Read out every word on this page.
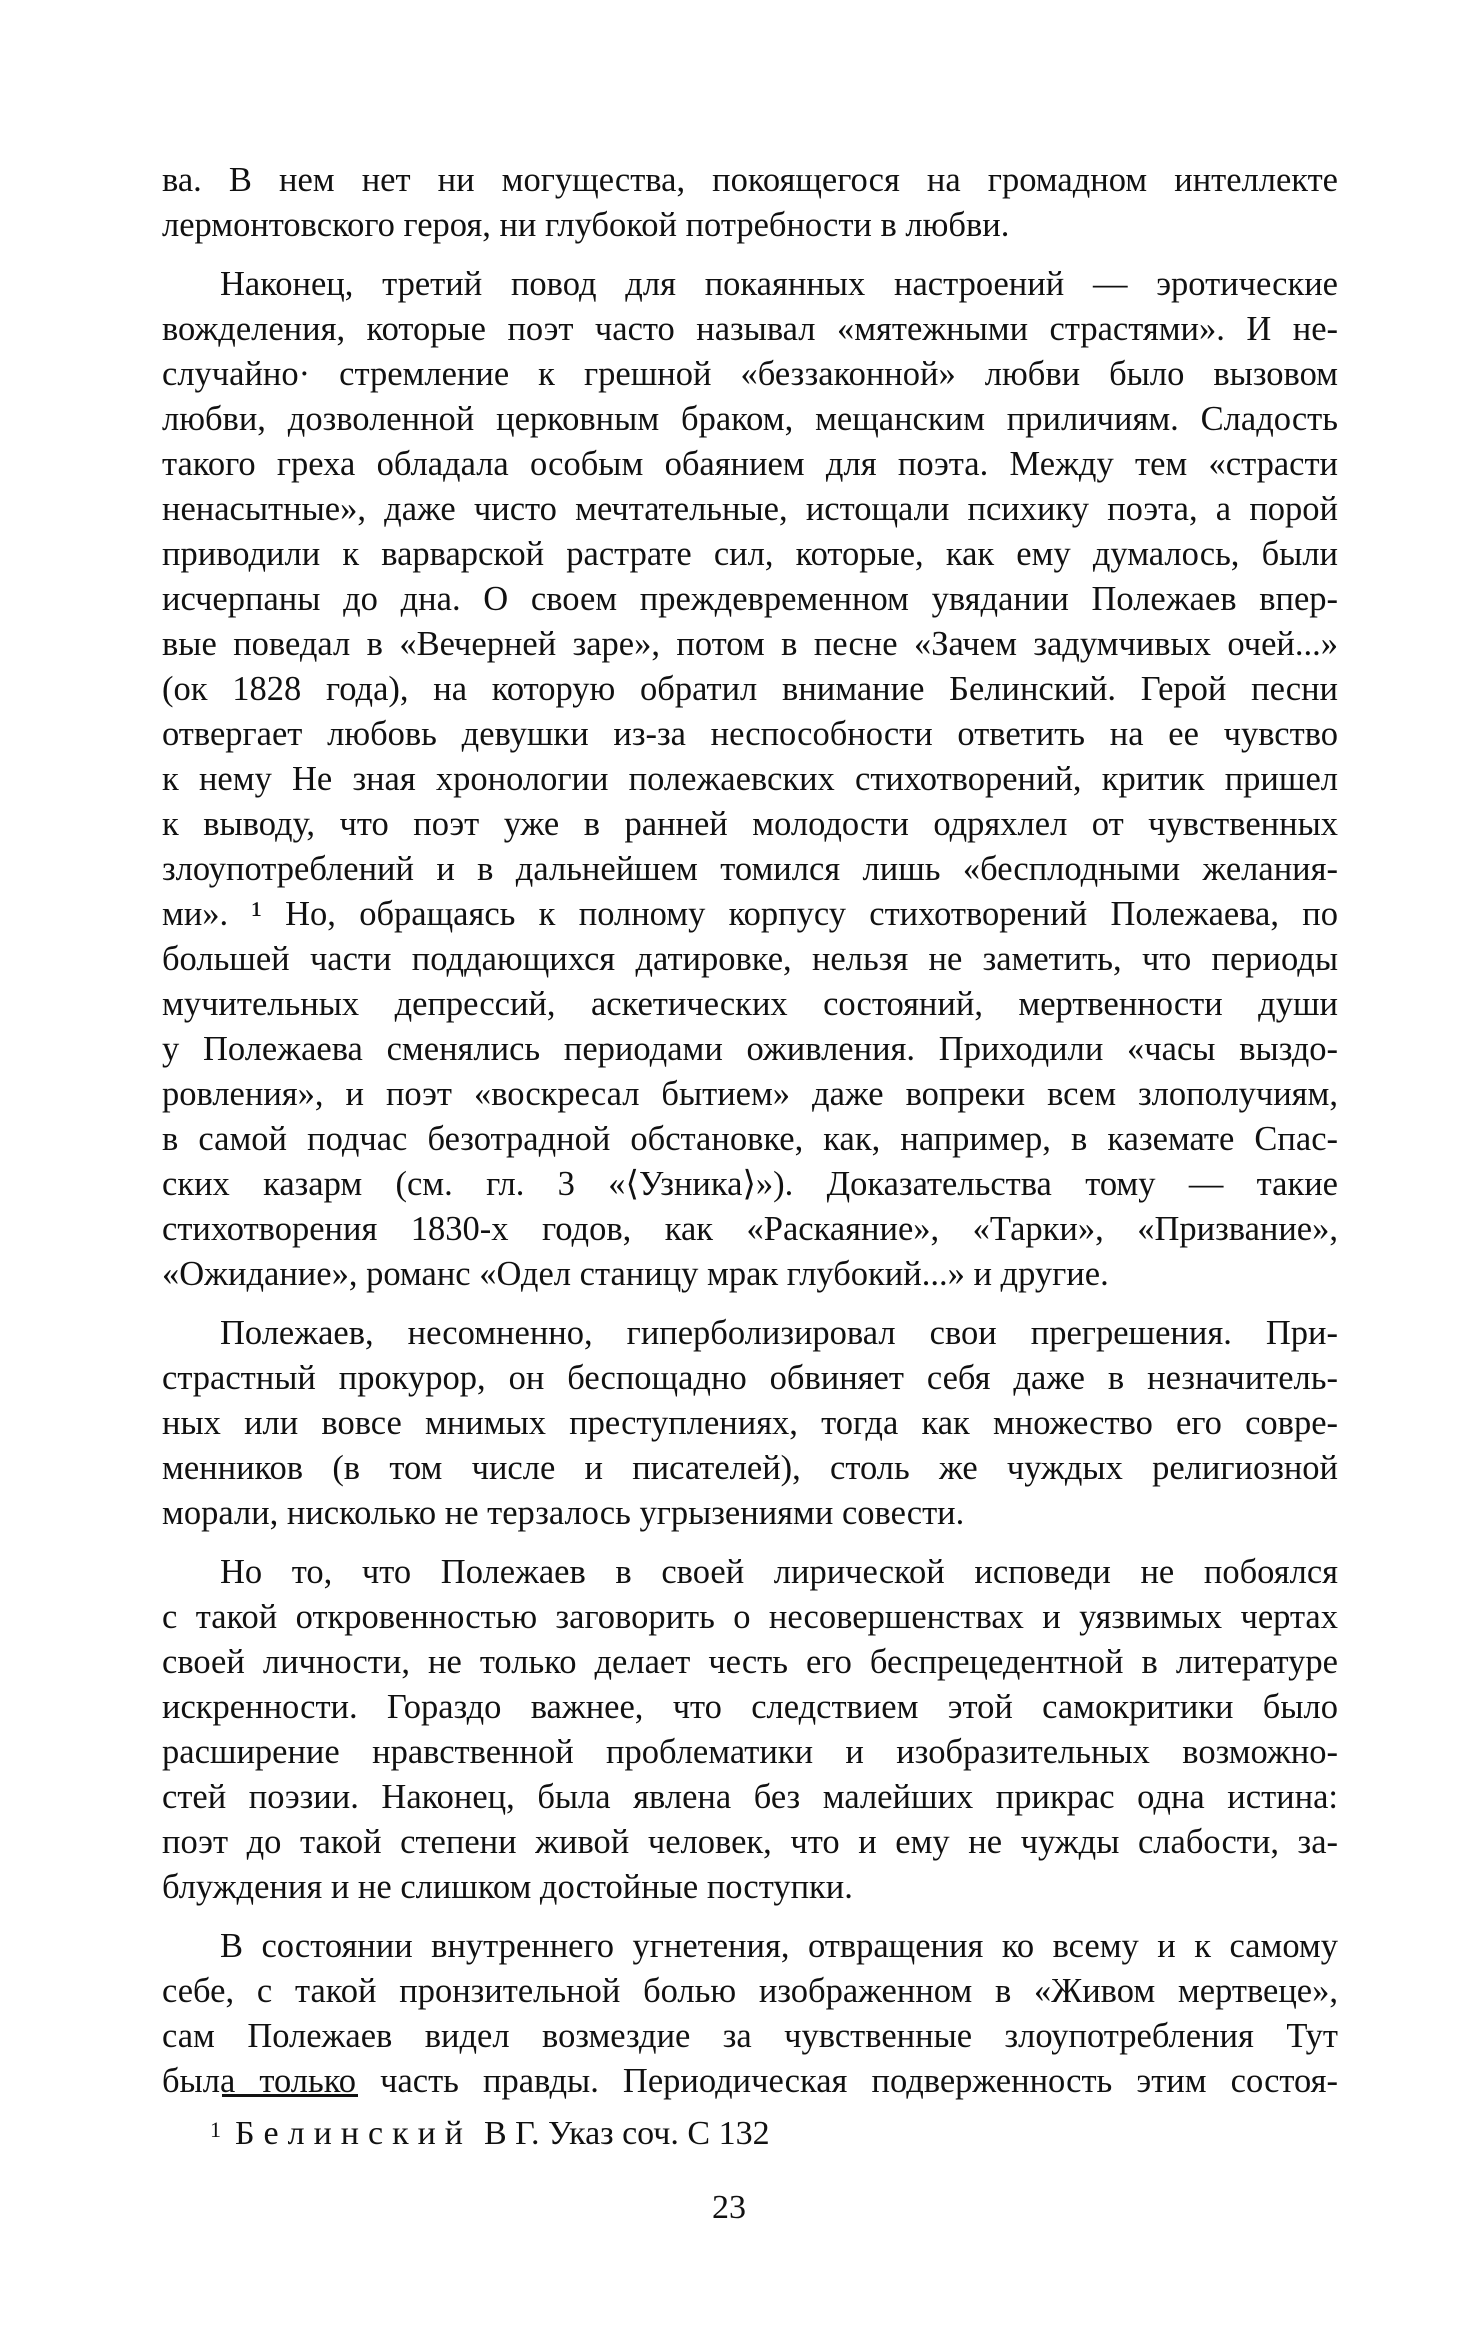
ва. В нем нет ни могущества, покоящегося на громадном интеллекте
лермонтовского героя, ни глубокой потребности в любви.
Наконец, третий повод для покаянных настроений — эротические
вожделения, которые поэт часто называл «мятежными страстями». И не-
случайно· стремление к грешной «беззаконной» любви было вызовом
любви, дозволенной церковным браком, мещанским приличиям. Сладость
такого греха обладала особым обаянием для поэта. Между тем «страсти
ненасытные», даже чисто мечтательные, истощали психику поэта, а порой
приводили к варварской растрате сил, которые, как ему думалось, были
исчерпаны до дна. О своем преждевременном увядании Полежаев впер-
вые поведал в «Вечерней заре», потом в песне «Зачем задумчивых очей...»
(ок 1828 года), на которую обратил внимание Белинский. Герой песни
отвергает любовь девушки из-за неспособности ответить на ее чувство
к нему Не зная хронологии полежаевских стихотворений, критик пришел
к выводу, что поэт уже в ранней молодости одряхлел от чувственных
злоупотреблений и в дальнейшем томился лишь «бесплодными желания-
ми». ¹ Но, обращаясь к полному корпусу стихотворений Полежаева, по
большей части поддающихся датировке, нельзя не заметить, что периоды
мучительных депрессий, аскетических состояний, мертвенности души
у Полежаева сменялись периодами оживления. Приходили «часы выздо-
ровления», и поэт «воскресал бытием» даже вопреки всем злополучиям,
в самой подчас безотрадной обстановке, как, например, в каземате Спас-
ских казарм (см. гл. 3 «⟨Узника⟩»). Доказательства тому — такие
стихотворения 1830-х годов, как «Раскаяние», «Тарки», «Призвание»,
«Ожидание», романс «Одел станицу мрак глубокий...» и другие.
Полежаев, несомненно, гиперболизировал свои прегрешения. При-
страстный прокурор, он беспощадно обвиняет себя даже в незначитель-
ных или вовсе мнимых преступлениях, тогда как множество его совре-
менников (в том числе и писателей), столь же чуждых религиозной
морали, нисколько не терзалось угрызениями совести.
Но то, что Полежаев в своей лирической исповеди не побоялся
с такой откровенностью заговорить о несовершенствах и уязвимых чертах
своей личности, не только делает честь его беспрецедентной в литературе
искренности. Гораздо важнее, что следствием этой самокритики было
расширение нравственной проблематики и изобразительных возможно-
стей поэзии. Наконец, была явлена без малейших прикрас одна истина:
поэт до такой степени живой человек, что и ему не чужды слабости, за-
блуждения и не слишком достойные поступки.
В состоянии внутреннего угнетения, отвращения ко всему и к самому
себе, с такой пронзительной болью изображенном в «Живом мертвеце»,
сам Полежаев видел возмездие за чувственные злоупотребления Тут
была только часть правды. Периодическая подверженность этим состоя-
$^1$ Белинский В Г. Указ соч. С 132
23
